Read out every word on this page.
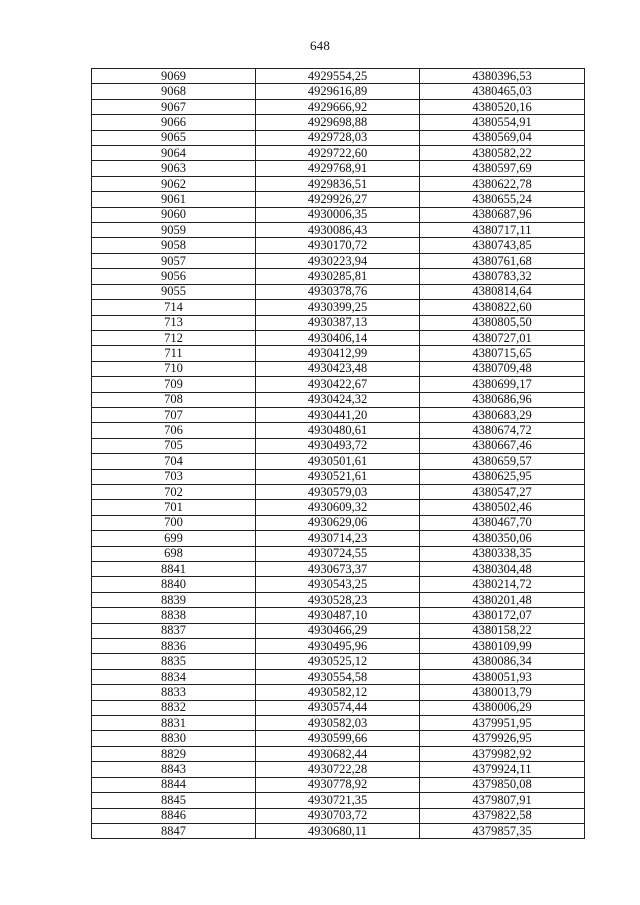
648
9069	4929554,25	4380396,53
9068	4929616,89	4380465,03
9067	4929666,92	4380520,16
9066	4929698,88	4380554,91
9065	4929728,03	4380569,04
9064	4929722,60	4380582,22
9063	4929768,91	4380597,69
9062	4929836,51	4380622,78
9061	4929926,27	4380655,24
9060	4930006,35	4380687,96
9059	4930086,43	4380717,11
9058	4930170,72	4380743,85
9057	4930223,94	4380761,68
9056	4930285,81	4380783,32
9055	4930378,76	4380814,64
714	4930399,25	4380822,60
713	4930387,13	4380805,50
712	4930406,14	4380727,01
711	4930412,99	4380715,65
710	4930423,48	4380709,48
709	4930422,67	4380699,17
708	4930424,32	4380686,96
707	4930441,20	4380683,29
706	4930480,61	4380674,72
705	4930493,72	4380667,46
704	4930501,61	4380659,57
703	4930521,61	4380625,95
702	4930579,03	4380547,27
701	4930609,32	4380502,46
700	4930629,06	4380467,70
699	4930714,23	4380350,06
698	4930724,55	4380338,35
8841	4930673,37	4380304,48
8840	4930543,25	4380214,72
8839	4930528,23	4380201,48
8838	4930487,10	4380172,07
8837	4930466,29	4380158,22
8836	4930495,96	4380109,99
8835	4930525,12	4380086,34
8834	4930554,58	4380051,93
8833	4930582,12	4380013,79
8832	4930574,44	4380006,29
8831	4930582,03	4379951,95
8830	4930599,66	4379926,95
8829	4930682,44	4379982,92
8843	4930722,28	4379924,11
8844	4930778,92	4379850,08
8845	4930721,35	4379807,91
8846	4930703,72	4379822,58
8847	4930680,11	4379857,35
